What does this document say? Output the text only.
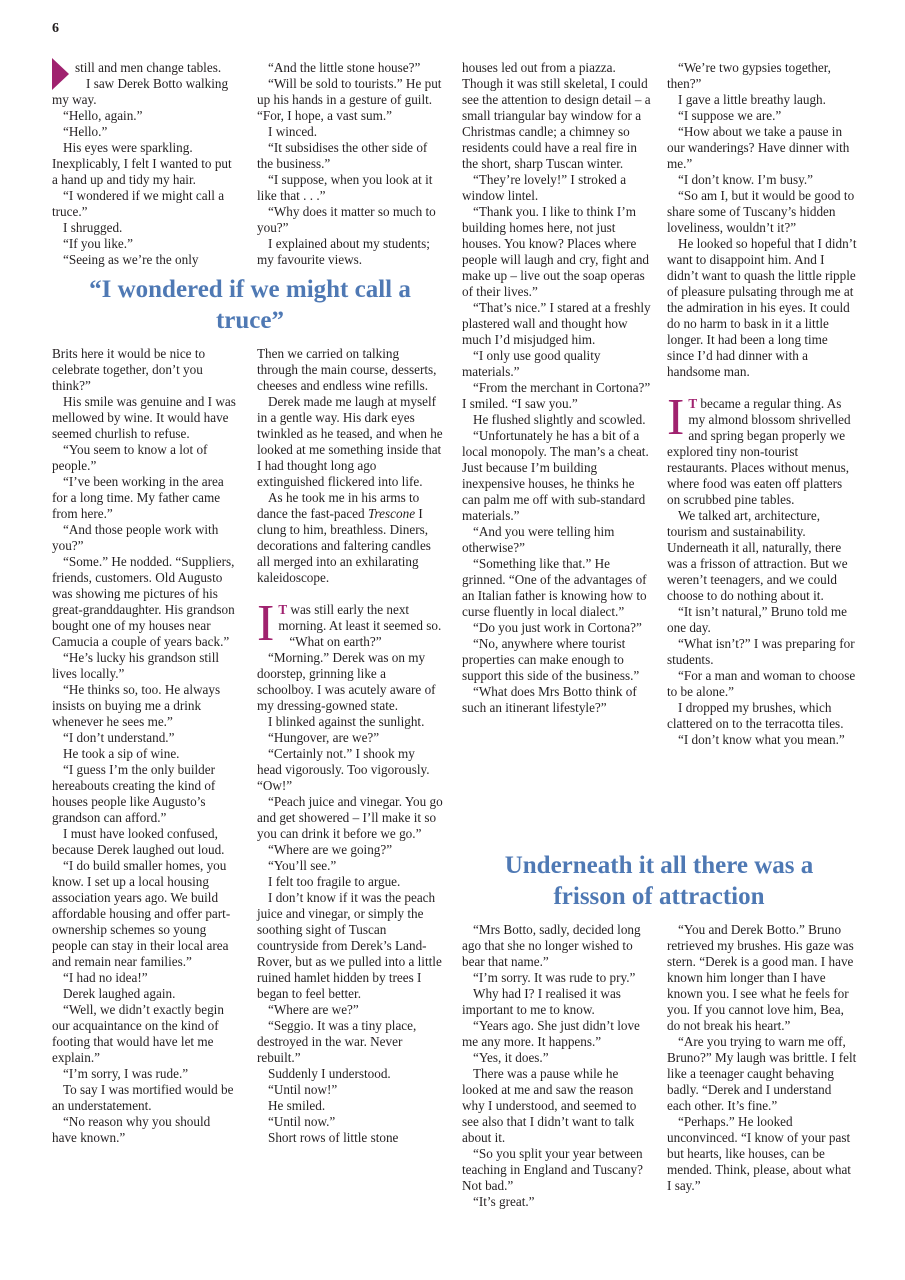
6

still and men change tables.

I saw Derek Botto walking my way.

“Hello, again.”

“Hello.”

His eyes were sparkling. Inexplicably, I felt I wanted to put a hand up and tidy my hair.

“I wondered if we might call a truce.”

I shrugged.

“If you like.”

“Seeing as we’re the only

“And the little stone house?”

“Will be sold to tourists.” He put up his hands in a gesture of guilt. “For, I hope, a vast sum.”

I winced.

“It subsidises the other side of the business.”

“I suppose, when you look at it like that . . .”

“Why does it matter so much to you?”

I explained about my students; my favourite views.

“I wondered if we might call a truce”

Brits here it would be nice to celebrate together, don’t you think?”

His smile was genuine and I was mellowed by wine. It would have seemed churlish to refuse.

“You seem to know a lot of people.”

“I’ve been working in the area for a long time. My father came from here.”

“And those people work with you?”

“Some.” He nodded. “Suppliers, friends, customers. Old Augusto was showing me pictures of his great-granddaughter. His grandson bought one of my houses near Camucia a couple of years back.”

“He’s lucky his grandson still lives locally.”

“He thinks so, too. He always insists on buying me a drink whenever he sees me.”

“I don’t understand.”

He took a sip of wine.

“I guess I’m the only builder hereabouts creating the kind of houses people like Augusto’s grandson can afford.”

I must have looked confused, because Derek laughed out loud.

“I do build smaller homes, you know. I set up a local housing association years ago. We build affordable housing and offer part-ownership schemes so young people can stay in their local area and remain near families.”

“I had no idea!”

Derek laughed again.

“Well, we didn’t exactly begin our acquaintance on the kind of footing that would have let me explain.”

“I’m sorry, I was rude.”

To say I was mortified would be an understatement.

“No reason why you should have known.”

Then we carried on talking through the main course, desserts, cheeses and endless wine refills.

Derek made me laugh at myself in a gentle way. His dark eyes twinkled as he teased, and when he looked at me something inside that I had thought long ago extinguished flickered into life.

As he took me in his arms to dance the fast-paced Trescone I clung to him, breathless. Diners, decorations and faltering candles all merged into an exhilarating kaleidoscope.

I T was still early the next morning. At least it seemed so.

“What on earth?”

“Morning.” Derek was on my doorstep, grinning like a schoolboy. I was acutely aware of my dressing-gowned state.

I blinked against the sunlight.

“Hungover, are we?”

“Certainly not.” I shook my head vigorously. Too vigorously. “Ow!”

“Peach juice and vinegar. You go and get showered – I’ll make it so you can drink it before we go.”

“Where are we going?”

“You’ll see.”

I felt too fragile to argue.

I don’t know if it was the peach juice and vinegar, or simply the soothing sight of Tuscan countryside from Derek’s Land-Rover, but as we pulled into a little ruined hamlet hidden by trees I began to feel better.

“Where are we?”

“Seggio. It was a tiny place, destroyed in the war. Never rebuilt.”

Suddenly I understood.

“Until now!”

He smiled.

“Until now.”

Short rows of little stone

houses led out from a piazza. Though it was still skeletal, I could see the attention to design detail – a small triangular bay window for a Christmas candle; a chimney so residents could have a real fire in the short, sharp Tuscan winter.

“They’re lovely!” I stroked a window lintel.

“Thank you. I like to think I’m building homes here, not just houses. You know? Places where people will laugh and cry, fight and make up – live out the soap operas of their lives.”

“That’s nice.” I stared at a freshly plastered wall and thought how much I’d misjudged him.

“I only use good quality materials.”

“From the merchant in Cortona?” I smiled. “I saw you.”

He flushed slightly and scowled.

“Unfortunately he has a bit of a local monopoly. The man’s a cheat. Just because I’m building inexpensive houses, he thinks he can palm me off with sub-standard materials.”

“And you were telling him otherwise?”

“Something like that.” He grinned. “One of the advantages of an Italian father is knowing how to curse fluently in local dialect.”

“Do you just work in Cortona?”

“No, anywhere where tourist properties can make enough to support this side of the business.”

“What does Mrs Botto think of such an itinerant lifestyle?”

“We’re two gypsies together, then?”

I gave a little breathy laugh.

“I suppose we are.”

“How about we take a pause in our wanderings? Have dinner with me.”

“I don’t know. I’m busy.”

“So am I, but it would be good to share some of Tuscany’s hidden loveliness, wouldn’t it?”

He looked so hopeful that I didn’t want to disappoint him. And I didn’t want to quash the little ripple of pleasure pulsating through me at the admiration in his eyes. It could do no harm to bask in it a little longer. It had been a long time since I’d had dinner with a handsome man.

I T became a regular thing. As my almond blossom shrivelled and spring began properly we explored tiny non-tourist restaurants. Places without menus, where food was eaten off platters on scrubbed pine tables.

We talked art, architecture, tourism and sustainability. Underneath it all, naturally, there was a frisson of attraction. But we weren’t teenagers, and we could choose to do nothing about it.

“It isn’t natural,” Bruno told me one day.

“What isn’t?” I was preparing for students.

“For a man and woman to choose to be alone.”

I dropped my brushes, which clattered on to the terracotta tiles.

“I don’t know what you mean.”

Underneath it all there was a frisson of attraction

“Mrs Botto, sadly, decided long ago that she no longer wished to bear that name.”

“I’m sorry. It was rude to pry.”

Why had I? I realised it was important to me to know.

“Years ago. She just didn’t love me any more. It happens.”

“Yes, it does.”

There was a pause while he looked at me and saw the reason why I understood, and seemed to see also that I didn’t want to talk about it.

“So you split your year between teaching in England and Tuscany? Not bad.”

“It’s great.”

“You and Derek Botto.” Bruno retrieved my brushes. His gaze was stern. “Derek is a good man. I have known him longer than I have known you. I see what he feels for you. If you cannot love him, Bea, do not break his heart.”

“Are you trying to warn me off, Bruno?” My laugh was brittle. I felt like a teenager caught behaving badly. “Derek and I understand each other. It’s fine.”

“Perhaps.” He looked unconvinced. “I know of your past but hearts, like houses, can be mended. Think, please, about what I say.”
